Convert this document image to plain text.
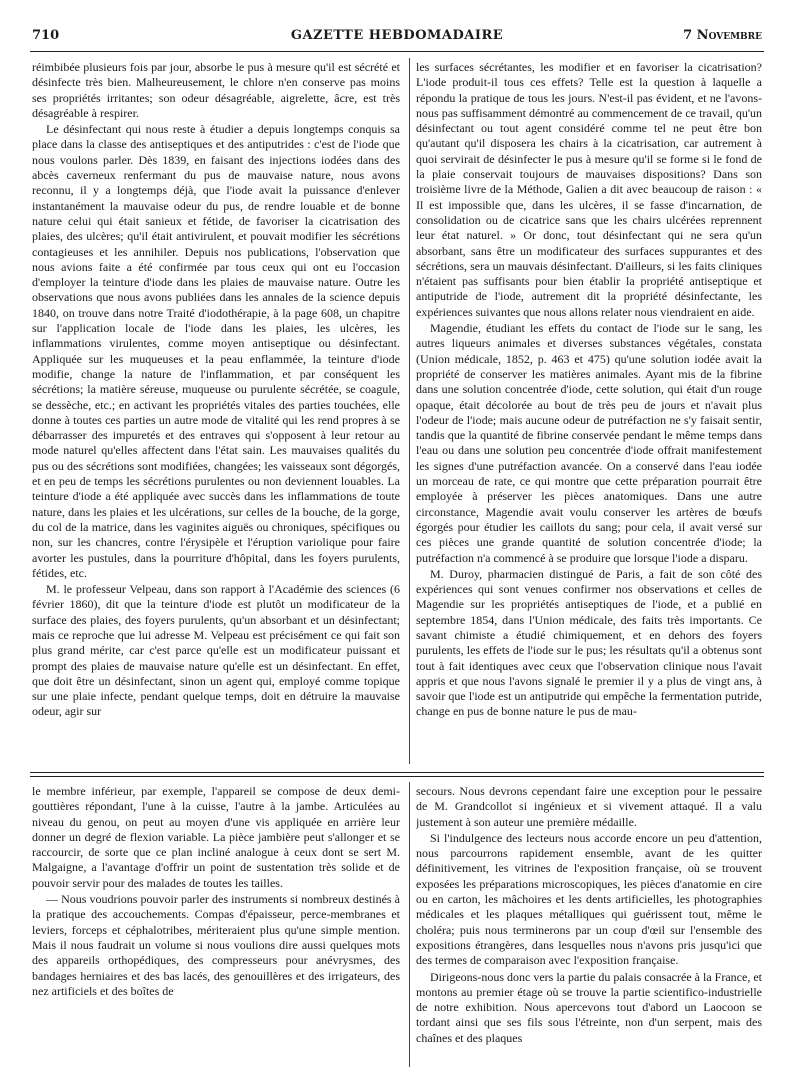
710	GAZETTE HEBDOMADAIRE	7 Novembre

réimbibée plusieurs fois par jour, absorbe le pus à mesure qu'il est sécrété et désinfecte très bien. Malheureusement, le chlore n'en conserve pas moins ses propriétés irritantes; son odeur désagréable, aigrelette, âcre, est très désagréable à respirer.

Le désinfectant qui nous reste à étudier a depuis longtemps conquis sa place dans la classe des antiseptiques et des antiputrides : c'est de l'iode que nous voulons parler. Dès 1839, en faisant des injections iodées dans des abcès caverneux renfermant du pus de mauvaise nature, nous avons reconnu, il y a longtemps déjà, que l'iode avait la puissance d'enlever instantanément la mauvaise odeur du pus, de rendre louable et de bonne nature celui qui était sanieux et fétide, de favoriser la cicatrisation des plaies, des ulcères; qu'il était antivirulent, et pouvait modifier les sécrétions contagieuses et les annihiler. Depuis nos publications, l'observation que nous avions faite a été confirmée par tous ceux qui ont eu l'occasion d'employer la teinture d'iode dans les plaies de mauvaise nature. Outre les observations que nous avons publiées dans les annales de la science depuis 1840, on trouve dans notre Traité d'iodothérapie, à la page 608, un chapitre sur l'application locale de l'iode dans les plaies, les ulcères, les inflammations virulentes, comme moyen antiseptique ou désinfectant. Appliquée sur les muqueuses et la peau enflammée, la teinture d'iode modifie, change la nature de l'inflammation, et par conséquent les sécrétions; la matière séreuse, muqueuse ou purulente sécrétée, se coagule, se dessèche, etc.; en activant les propriétés vitales des parties touchées, elle donne à toutes ces parties un autre mode de vitalité qui les rend propres à se débarrasser des impuretés et des entraves qui s'opposent à leur retour au mode naturel qu'elles affectent dans l'état sain. Les mauvaises qualités du pus ou des sécrétions sont modifiées, changées; les vaisseaux sont dégorgés, et en peu de temps les sécrétions purulentes ou non deviennent louables. La teinture d'iode a été appliquée avec succès dans les inflammations de toute nature, dans les plaies et les ulcérations, sur celles de la bouche, de la gorge, du col de la matrice, dans les vaginites aiguës ou chroniques, spécifiques ou non, sur les chancres, contre l'érysipèle et l'éruption variolique pour faire avorter les pustules, dans la pourriture d'hôpital, dans les foyers purulents, fétides, etc.

M. le professeur Velpeau, dans son rapport à l'Académie des sciences (6 février 1860), dit que la teinture d'iode est plutôt un modificateur de la surface des plaies, des foyers purulents, qu'un absorbant et un désinfectant; mais ce reproche que lui adresse M. Velpeau est précisément ce qui fait son plus grand mérite, car c'est parce qu'elle est un modificateur puissant et prompt des plaies de mauvaise nature qu'elle est un désinfectant. En effet, que doit être un désinfectant, sinon un agent qui, employé comme topique sur une plaie infecte, pendant quelque temps, doit en détruire la mauvaise odeur, agir sur

les surfaces sécrétantes, les modifier et en favoriser la cicatrisation? L'iode produit-il tous ces effets? Telle est la question à laquelle a répondu la pratique de tous les jours. N'est-il pas évident, et ne l'avons-nous pas suffisamment démontré au commencement de ce travail, qu'un désinfectant ou tout agent considéré comme tel ne peut être bon qu'autant qu'il disposera les chairs à la cicatrisation, car autrement à quoi servirait de désinfecter le pus à mesure qu'il se forme si le fond de la plaie conservait toujours de mauvaises dispositions? Dans son troisième livre de la Méthode, Galien a dit avec beaucoup de raison : « Il est impossible que, dans les ulcères, il se fasse d'incarnation, de consolidation ou de cicatrice sans que les chairs ulcérées reprennent leur état naturel. » Or donc, tout désinfectant qui ne sera qu'un absorbant, sans être un modificateur des surfaces suppurantes et des sécrétions, sera un mauvais désinfectant. D'ailleurs, si les faits cliniques n'étaient pas suffisants pour bien établir la propriété antiseptique et antiputride de l'iode, autrement dit la propriété désinfectante, les expériences suivantes que nous allons relater nous viendraient en aide.

Magendie, étudiant les effets du contact de l'iode sur le sang, les autres liqueurs animales et diverses substances végétales, constata (Union médicale, 1852, p. 463 et 475) qu'une solution iodée avait la propriété de conserver les matières animales. Ayant mis de la fibrine dans une solution concentrée d'iode, cette solution, qui était d'un rouge opaque, était décolorée au bout de très peu de jours et n'avait plus l'odeur de l'iode; mais aucune odeur de putréfaction ne s'y faisait sentir, tandis que la quantité de fibrine conservée pendant le même temps dans l'eau ou dans une solution peu concentrée d'iode offrait manifestement les signes d'une putréfaction avancée. On a conservé dans l'eau iodée un morceau de rate, ce qui montre que cette préparation pourrait être employée à préserver les pièces anatomiques. Dans une autre circonstance, Magendie avait voulu conserver les artères de bœufs égorgés pour étudier les caillots du sang; pour cela, il avait versé sur ces pièces une grande quantité de solution concentrée d'iode; la putréfaction n'a commencé à se produire que lorsque l'iode a disparu.

M. Duroy, pharmacien distingué de Paris, a fait de son côté des expériences qui sont venues confirmer nos observations et celles de Magendie sur les propriétés antiseptiques de l'iode, et a publié en septembre 1854, dans l'Union médicale, des faits très importants. Ce savant chimiste a étudié chimiquement, et en dehors des foyers purulents, les effets de l'iode sur le pus; les résultats qu'il a obtenus sont tout à fait identiques avec ceux que l'observation clinique nous l'avait appris et que nous l'avons signalé le premier il y a plus de vingt ans, à savoir que l'iode est un antiputride qui empêche la fermentation putride, change en pus de bonne nature le pus de mau-

le membre inférieur, par exemple, l'appareil se compose de deux demi-gouttières répondant, l'une à la cuisse, l'autre à la jambe. Articulées au niveau du genou, on peut au moyen d'une vis appliquée en arrière leur donner un degré de flexion variable. La pièce jambière peut s'allonger et se raccourcir, de sorte que ce plan incliné analogue à ceux dont se sert M. Malgaigne, a l'avantage d'offrir un point de sustentation très solide et de pouvoir servir pour des malades de toutes les tailles.

— Nous voudrions pouvoir parler des instruments si nombreux destinés à la pratique des accouchements. Compas d'épaisseur, perce-membranes et leviers, forceps et céphalotribes, mériteraient plus qu'une simple mention. Mais il nous faudrait un volume si nous voulions dire aussi quelques mots des appareils orthopédiques, des compresseurs pour anévrysmes, des bandages herniaires et des bas lacés, des genouillères et des irrigateurs, des nez artificiels et des boîtes de

secours. Nous devrons cependant faire une exception pour le pessaire de M. Grandcollot si ingénieux et si vivement attaqué. Il a valu justement à son auteur une première médaille.

Si l'indulgence des lecteurs nous accorde encore un peu d'attention, nous parcourrons rapidement ensemble, avant de les quitter définitivement, les vitrines de l'exposition française, où se trouvent exposées les préparations microscopiques, les pièces d'anatomie en cire ou en carton, les mâchoires et les dents artificielles, les photographies médicales et les plaques métalliques qui guérissent tout, même le choléra; puis nous terminerons par un coup d'œil sur l'ensemble des expositions étrangères, dans lesquelles nous n'avons pris jusqu'ici que des termes de comparaison avec l'exposition française.

Dirigeons-nous donc vers la partie du palais consacrée à la France, et montons au premier étage où se trouve la partie scientifico-industrielle de notre exhibition. Nous apercevons tout d'abord un Laocoon se tordant ainsi que ses fils sous l'étreinte, non d'un serpent, mais des chaînes et des plaques
